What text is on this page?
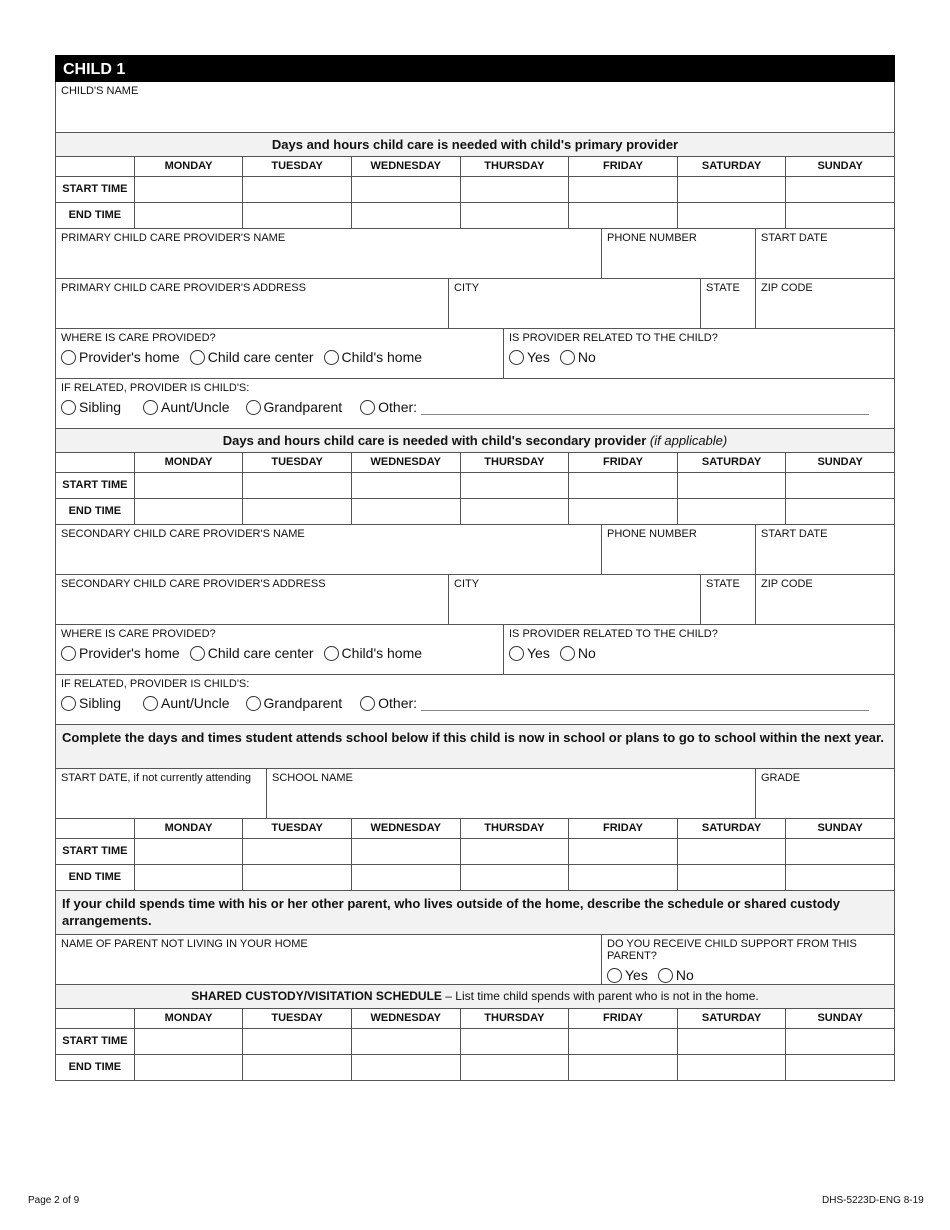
CHILD 1
CHILD'S NAME
Days and hours child care is needed with child's primary provider
MONDAY	TUESDAY	WEDNESDAY	THURSDAY	FRIDAY	SATURDAY	SUNDAY
START TIME
END TIME
PRIMARY CHILD CARE PROVIDER'S NAME	PHONE NUMBER	START DATE
PRIMARY CHILD CARE PROVIDER'S ADDRESS	CITY	STATE	ZIP CODE
WHERE IS CARE PROVIDED?
Provider's home Child care center Child's home
IS PROVIDER RELATED TO THE CHILD?
Yes No
IF RELATED, PROVIDER IS CHILD'S:
Sibling	Aunt/Uncle Grandparent	Other:
Days and hours child care is needed with child's secondary provider (if applicable)
MONDAY	TUESDAY	WEDNESDAY	THURSDAY	FRIDAY	SATURDAY	SUNDAY
START TIME
END TIME
SECONDARY CHILD CARE PROVIDER'S NAME	PHONE NUMBER	START DATE
SECONDARY CHILD CARE PROVIDER'S ADDRESS	CITY	STATE	ZIP CODE
WHERE IS CARE PROVIDED?
Provider's home Child care center Child's home
IS PROVIDER RELATED TO THE CHILD?
Yes No
IF RELATED, PROVIDER IS CHILD'S:
Sibling	Aunt/Uncle Grandparent	Other:
Complete the days and times student attends school below if this child is now in school or plans to go to school within the next year.
START DATE, if not currently attending	SCHOOL NAME	GRADE
MONDAY	TUESDAY	WEDNESDAY	THURSDAY	FRIDAY	SATURDAY	SUNDAY
START TIME
END TIME
If your child spends time with his or her other parent, who lives outside of the home, describe the schedule or shared custody arrangements.
NAME OF PARENT NOT LIVING IN YOUR HOME	DO YOU RECEIVE CHILD SUPPORT FROM THIS PARENT?
Yes No
SHARED CUSTODY/VISITATION SCHEDULE – List time child spends with parent who is not in the home.
MONDAY	TUESDAY	WEDNESDAY	THURSDAY	FRIDAY	SATURDAY	SUNDAY
START TIME
END TIME
Page 2 of 9	DHS-5223D-ENG 8-19
